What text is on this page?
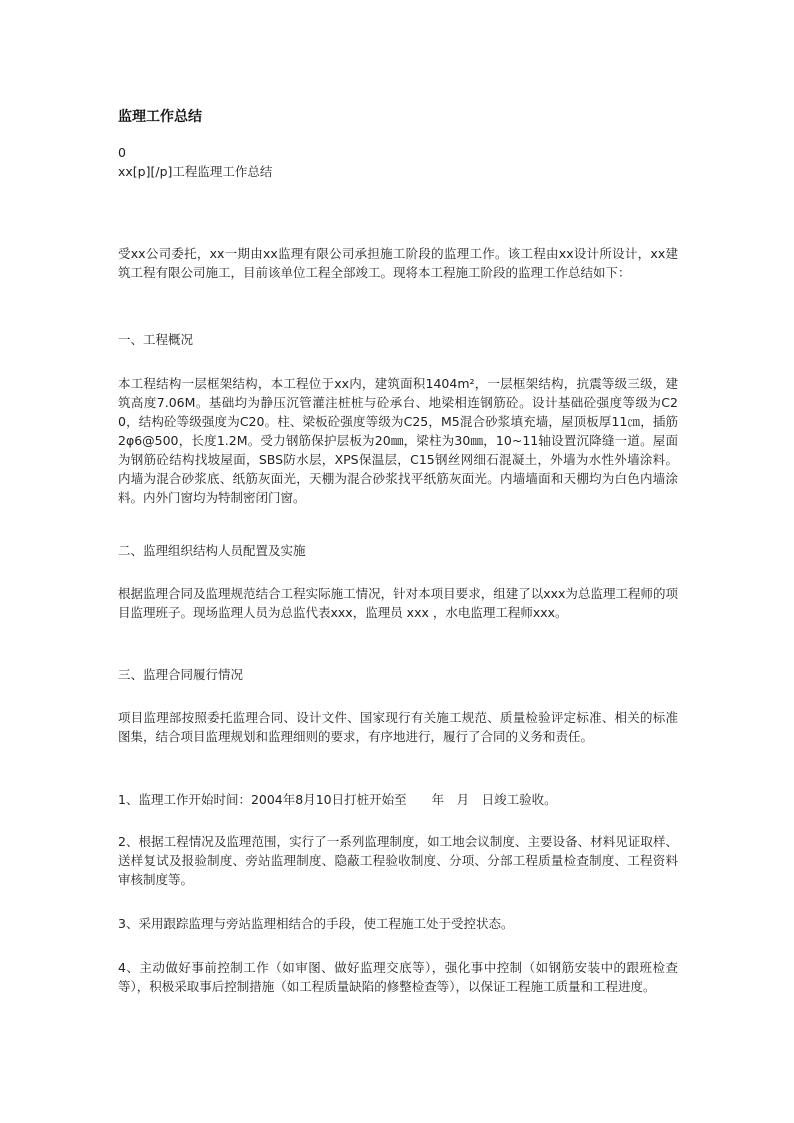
监理工作总结
0
xx[p][/p]工程监理工作总结
受xx公司委托，xx一期由xx监理有限公司承担施工阶段的监理工作。该工程由xx设计所设计，xx建筑工程有限公司施工，目前该单位工程全部竣工。现将本工程施工阶段的监理工作总结如下：
一、工程概况
本工程结构一层框架结构，本工程位于xx内，建筑面积1404m²，一层框架结构，抗震等级三级，建筑高度7.06M。基础均为静压沉管灌注桩桩与砼承台、地梁相连钢筋砼。设计基础砼强度等级为C20，结构砼等级强度为C20。柱、梁板砼强度等级为C25，M5混合砂浆填充墙，屋顶板厚11㎝，插筋2φ6@500，长度1.2M。受力钢筋保护层板为20㎜，梁柱为30㎜，10~11轴设置沉降缝一道。屋面为钢筋砼结构找坡屋面，SBS防水层，XPS保温层，C15钢丝网细石混凝土，外墙为水性外墙涂料。内墙为混合砂浆底、纸筋灰面光，天棚为混合砂浆找平纸筋灰面光。内墙墙面和天棚均为白色内墙涂料。内外门窗均为特制密闭门窗。
二、监理组织结构人员配置及实施
根据监理合同及监理规范结合工程实际施工情况，针对本项目要求，组建了以xxx为总监理工程师的项目监理班子。现场监理人员为总监代表xxx，监理员 xxx ，水电监理工程师xxx。
三、监理合同履行情况
项目监理部按照委托监理合同、设计文件、国家现行有关施工规范、质量检验评定标准、相关的标准图集，结合项目监理规划和监理细则的要求，有序地进行，履行了合同的义务和责任。
1、监理工作开始时间：2004年8月10日打桩开始至　　年　月　日竣工验收。
2、根据工程情况及监理范围，实行了一系列监理制度，如工地会议制度、主要设备、材料见证取样、送样复试及报验制度、旁站监理制度、隐蔽工程验收制度、分项、分部工程质量检查制度、工程资料审核制度等。
3、采用跟踪监理与旁站监理相结合的手段，使工程施工处于受控状态。
4、主动做好事前控制工作（如审图、做好监理交底等），强化事中控制（如钢筋安装中的跟班检查等），积极采取事后控制措施（如工程质量缺陷的修整检查等），以保证工程施工质量和工程进度。
